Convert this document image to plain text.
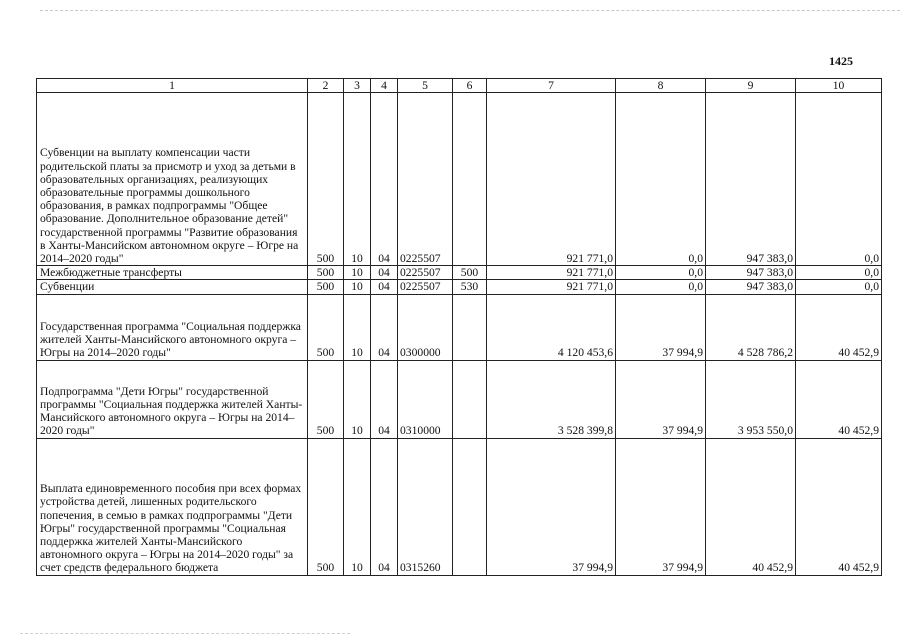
1425
1	2	3	4	5	6	7	8	9	10
Субвенции на выплату компенсации части родительской платы за присмотр и уход за детьми в образовательных организациях, реализующих образовательные программы дошкольного образования, в рамках подпрограммы "Общее образование. Дополнительное образование детей" государственной программы "Развитие образования в Ханты-Мансийском автономном округе – Югре на 2014–2020 годы"	500	10	04	0225507		921 771,0	0,0	947 383,0	0,0
Межбюджетные трансферты	500	10	04	0225507	500	921 771,0	0,0	947 383,0	0,0
Субвенции	500	10	04	0225507	530	921 771,0	0,0	947 383,0	0,0
Государственная программа "Социальная поддержка жителей Ханты-Мансийского автономного округа – Югры на 2014–2020 годы"	500	10	04	0300000		4 120 453,6	37 994,9	4 528 786,2	40 452,9
Подпрограмма "Дети Югры" государственной программы "Социальная поддержка жителей Ханты-Мансийского автономного округа – Югры на 2014–2020 годы"	500	10	04	0310000		3 528 399,8	37 994,9	3 953 550,0	40 452,9
Выплата единовременного пособия при всех формах устройства детей, лишенных родительского попечения, в семью в рамках подпрограммы "Дети Югры" государственной программы "Социальная поддержка жителей Ханты-Мансийского автономного округа – Югры на 2014–2020 годы" за счет средств федерального бюджета	500	10	04	0315260		37 994,9	37 994,9	40 452,9	40 452,9
